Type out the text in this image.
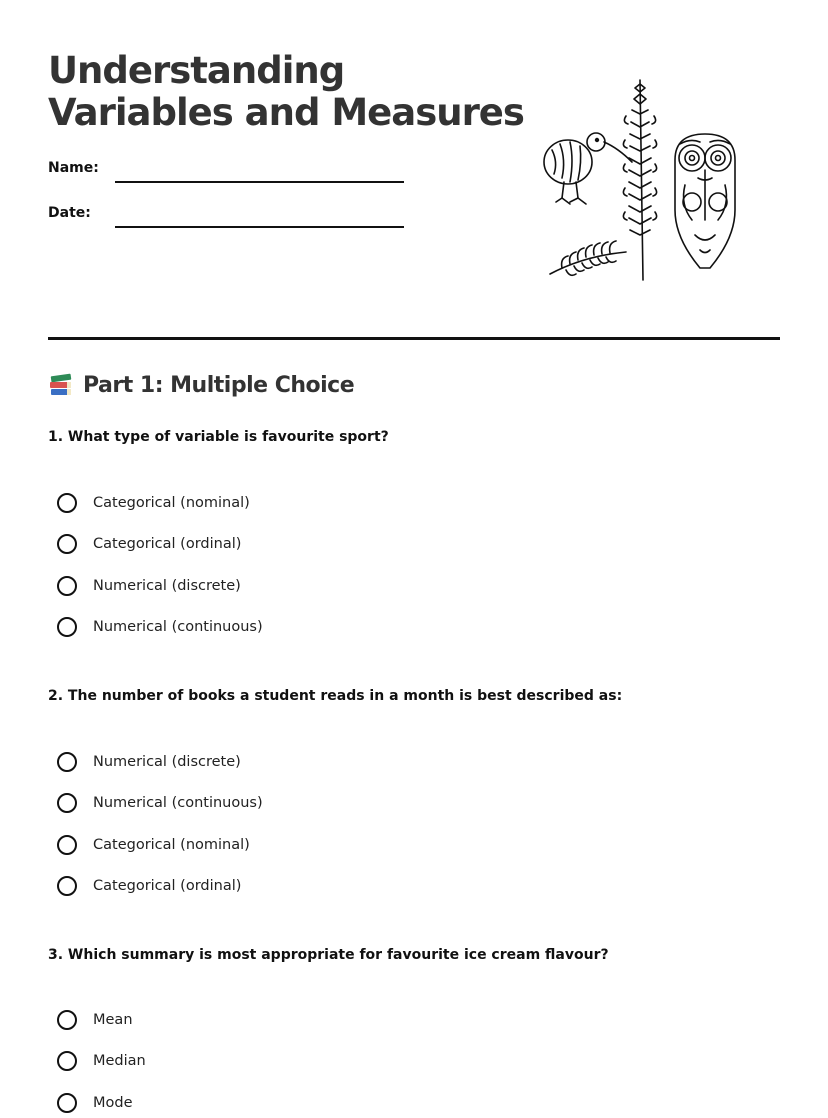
Understanding
Variables and Measures
Name:
Date:
Part 1: Multiple Choice
1. What type of variable is favourite sport?
Categorical (nominal)
Categorical (ordinal)
Numerical (discrete)
Numerical (continuous)
2. The number of books a student reads in a month is best described as:
Numerical (discrete)
Numerical (continuous)
Categorical (nominal)
Categorical (ordinal)
3. Which summary is most appropriate for favourite ice cream flavour?
Mean
Median
Mode
